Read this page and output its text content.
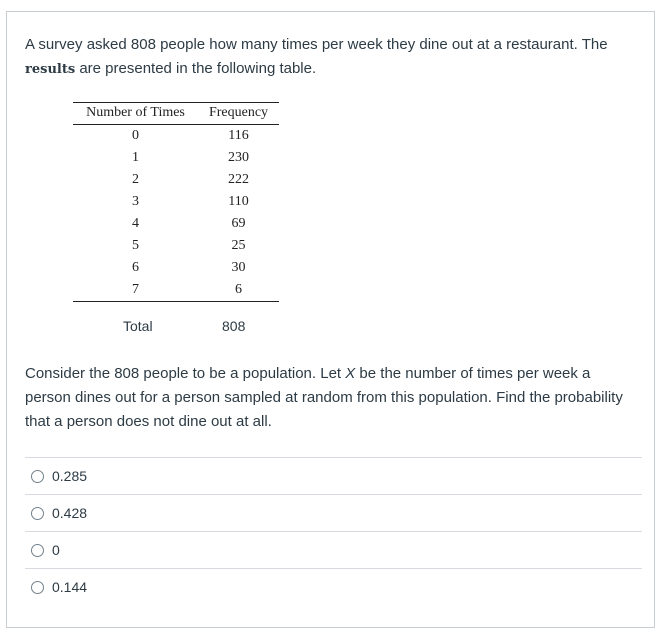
A survey asked 808 people how many times per week they dine out at a restaurant. The
results are presented in the following table.

Number of Times	Frequency
0	116
1	230
2	222
3	110
4	69
5	25
6	30
7	6
Total	808

Consider the 808 people to be a population. Let X be the number of times per week a person dines out for a person sampled at random from this population. Find the probability that a person does not dine out at all.

0.285
0.428
0
0.144
